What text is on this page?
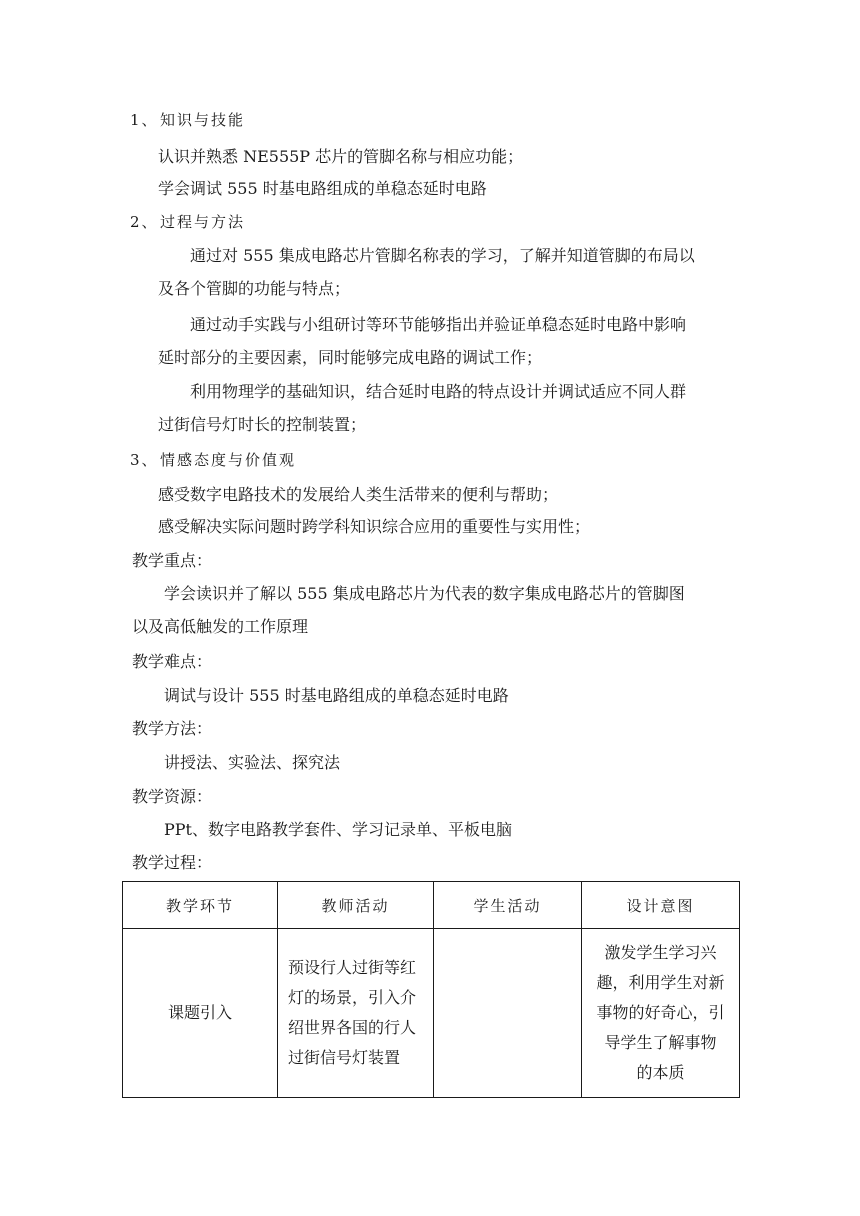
1、知识与技能
认识并熟悉 NE555P 芯片的管脚名称与相应功能；
学会调试 555 时基电路组成的单稳态延时电路
2、过程与方法
通过对 555 集成电路芯片管脚名称表的学习，了解并知道管脚的布局以
及各个管脚的功能与特点；
通过动手实践与小组研讨等环节能够指出并验证单稳态延时电路中影响
延时部分的主要因素，同时能够完成电路的调试工作；
利用物理学的基础知识，结合延时电路的特点设计并调试适应不同人群
过街信号灯时长的控制装置；
3、情感态度与价值观
感受数字电路技术的发展给人类生活带来的便利与帮助；
感受解决实际问题时跨学科知识综合应用的重要性与实用性；
教学重点：
学会读识并了解以 555 集成电路芯片为代表的数字集成电路芯片的管脚图
以及高低触发的工作原理
教学难点：
调试与设计 555 时基电路组成的单稳态延时电路
教学方法：
讲授法、实验法、探究法
教学资源：
PPt、数字电路教学套件、学习记录单、平板电脑
教学过程：
教学环节	教师活动	学生活动	设计意图

课题引入	预设行人过街等红
灯的场景，引入介
绍世界各国的行人
过街信号灯装置		激发学生学习兴
趣，利用学生对新
事物的好奇心，引
导学生了解事物
的本质
